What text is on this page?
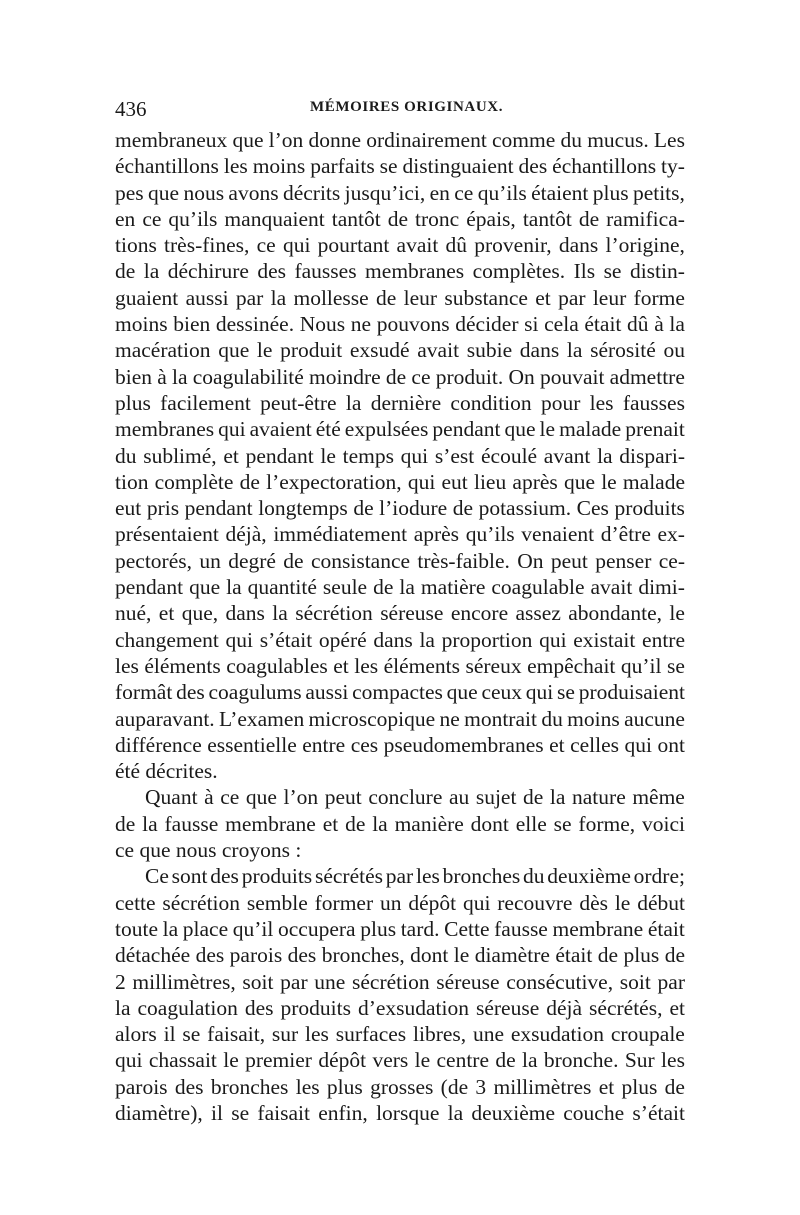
436	MÉMOIRES ORIGINAUX.
membraneux que l’on donne ordinairement comme du mucus. Les
échantillons les moins parfaits se distinguaient des échantillons ty-
pes que nous avons décrits jusqu’ici, en ce qu’ils étaient plus petits,
en ce qu’ils manquaient tantôt de tronc épais, tantôt de ramifica-
tions très-fines, ce qui pourtant avait dû provenir, dans l’origine,
de la déchirure des fausses membranes complètes. Ils se distin-
guaient aussi par la mollesse de leur substance et par leur forme
moins bien dessinée. Nous ne pouvons décider si cela était dû à la
macération que le produit exsudé avait subie dans la sérosité ou
bien à la coagulabilité moindre de ce produit. On pouvait admettre
plus facilement peut-être la dernière condition pour les fausses
membranes qui avaient été expulsées pendant que le malade prenait
du sublimé, et pendant le temps qui s’est écoulé avant la dispari-
tion complète de l’expectoration, qui eut lieu après que le malade
eut pris pendant longtemps de l’iodure de potassium. Ces produits
présentaient déjà, immédiatement après qu’ils venaient d’être ex-
pectorés, un degré de consistance très-faible. On peut penser ce-
pendant que la quantité seule de la matière coagulable avait dimi-
nué, et que, dans la sécrétion séreuse encore assez abondante, le
changement qui s’était opéré dans la proportion qui existait entre
les éléments coagulables et les éléments séreux empêchait qu’il se
formât des coagulums aussi compactes que ceux qui se produisaient
auparavant. L’examen microscopique ne montrait du moins aucune
différence essentielle entre ces pseudomembranes et celles qui ont
été décrites.
Quant à ce que l’on peut conclure au sujet de la nature même
de la fausse membrane et de la manière dont elle se forme, voici
ce que nous croyons :
Ce sont des produits sécrétés par les bronches du deuxième ordre;
cette sécrétion semble former un dépôt qui recouvre dès le début
toute la place qu’il occupera plus tard. Cette fausse membrane était
détachée des parois des bronches, dont le diamètre était de plus de
2 millimètres, soit par une sécrétion séreuse consécutive, soit par
la coagulation des produits d’exsudation séreuse déjà sécrétés, et
alors il se faisait, sur les surfaces libres, une exsudation croupale
qui chassait le premier dépôt vers le centre de la bronche. Sur les
parois des bronches les plus grosses (de 3 millimètres et plus de
diamètre), il se faisait enfin, lorsque la deuxième couche s’était
